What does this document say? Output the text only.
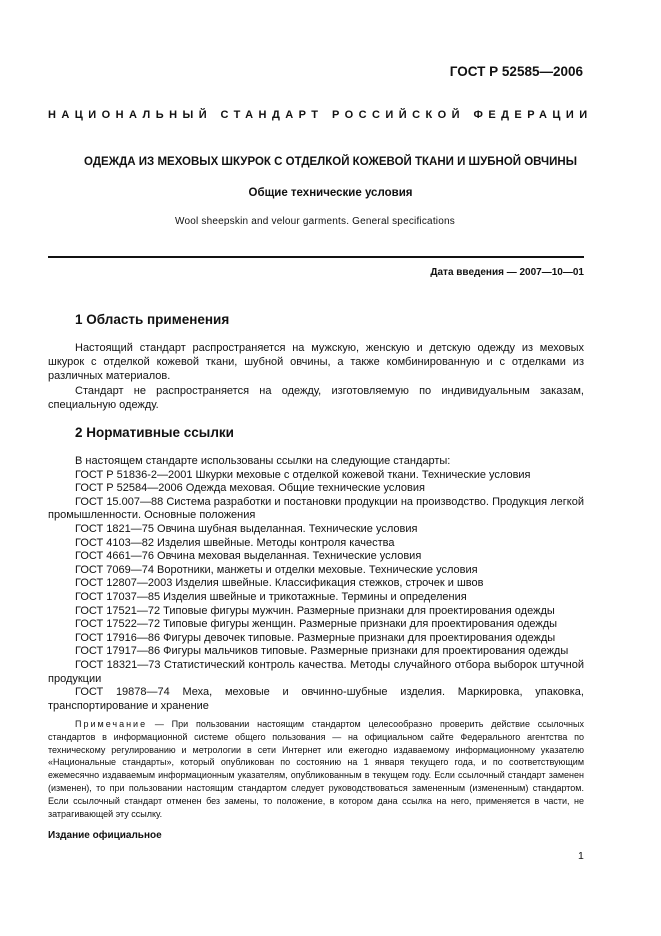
ГОСТ Р 52585—2006
НАЦИОНАЛЬНЫЙ СТАНДАРТ РОССИЙСКОЙ ФЕДЕРАЦИИ
ОДЕЖДА ИЗ МЕХОВЫХ ШКУРОК С ОТДЕЛКОЙ КОЖЕВОЙ ТКАНИ И ШУБНОЙ ОВЧИНЫ
Общие технические условия
Wool sheepskin and velour garments. General specifications
Дата введения — 2007—10—01
1 Область применения

Настоящий стандарт распространяется на мужскую, женскую и детскую одежду из меховых шкурок с отделкой кожевой ткани, шубной овчины, а также комбинированную и с отделками из различных материалов.

Стандарт не распространяется на одежду, изготовляемую по индивидуальным заказам, специальную одежду.

2 Нормативные ссылки

В настоящем стандарте использованы ссылки на следующие стандарты:

ГОСТ Р 51836-2—2001 Шкурки меховые с отделкой кожевой ткани. Технические условия

ГОСТ Р 52584—2006 Одежда меховая. Общие технические условия

ГОСТ 15.007—88 Система разработки и постановки продукции на производство. Продукция легкой промышленности. Основные положения

ГОСТ 1821—75 Овчина шубная выделанная. Технические условия

ГОСТ 4103—82 Изделия швейные. Методы контроля качества

ГОСТ 4661—76 Овчина меховая выделанная. Технические условия

ГОСТ 7069—74 Воротники, манжеты и отделки меховые. Технические условия

ГОСТ 12807—2003 Изделия швейные. Классификация стежков, строчек и швов

ГОСТ 17037—85 Изделия швейные и трикотажные. Термины и определения

ГОСТ 17521—72 Типовые фигуры мужчин. Размерные признаки для проектирования одежды

ГОСТ 17522—72 Типовые фигуры женщин. Размерные признаки для проектирования одежды

ГОСТ 17916—86 Фигуры девочек типовые. Размерные признаки для проектирования одежды

ГОСТ 17917—86 Фигуры мальчиков типовые. Размерные признаки для проектирования одежды

ГОСТ 18321—73 Статистический контроль качества. Методы случайного отбора выборок штучной продукции

ГОСТ 19878—74 Меха, меховые и овчинно-шубные изделия. Маркировка, упаковка, транспортирование и хранение

Примечание — При пользовании настоящим стандартом целесообразно проверить действие ссылочных стандартов в информационной системе общего пользования — на официальном сайте Федерального агентства по техническому регулированию и метрологии в сети Интернет или ежегодно издаваемому информационному указателю «Национальные стандарты», который опубликован по состоянию на 1 января текущего года, и по соответствующим ежемесячно издаваемым информационным указателям, опубликованным в текущем году. Если ссылочный стандарт заменен (изменен), то при пользовании настоящим стандартом следует руководствоваться замененным (измененным) стандартом. Если ссылочный стандарт отменен без замены, то положение, в котором дана ссылка на него, применяется в части, не затрагивающей эту ссылку.

Издание официальное
1
